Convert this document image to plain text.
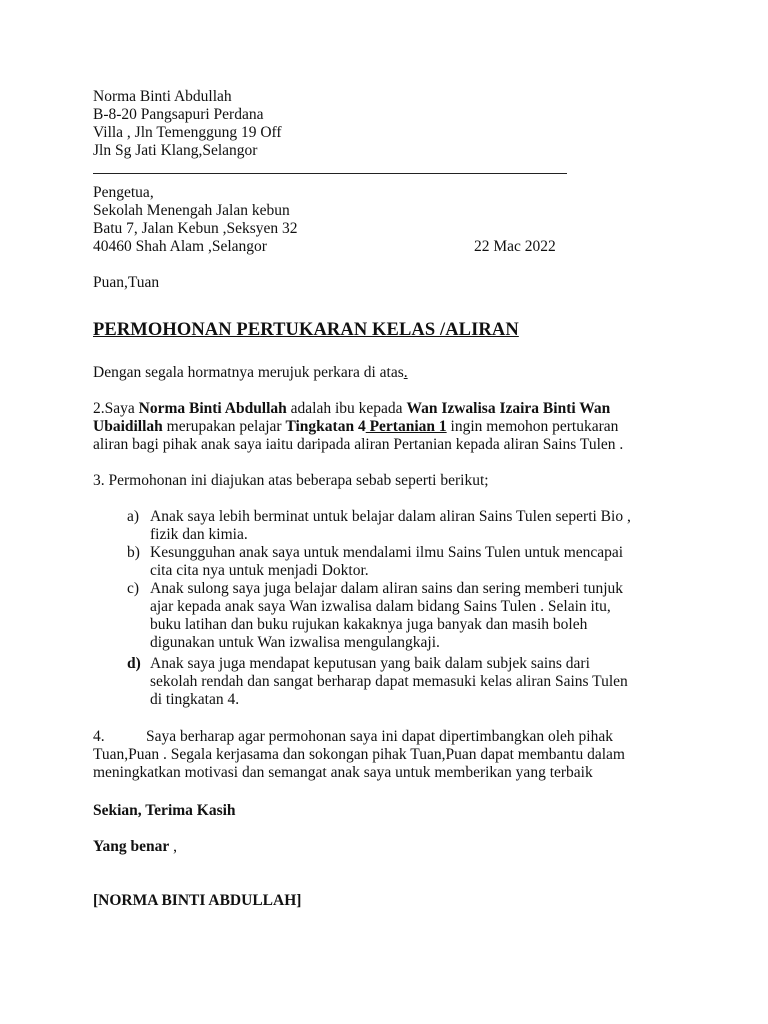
Norma Binti Abdullah
B-8-20 Pangsapuri Perdana
Villa , Jln Temenggung 19 Off
Jln Sg Jati Klang,Selangor
Pengetua,
Sekolah Menengah Jalan kebun
Batu 7, Jalan Kebun ,Seksyen 32
40460 Shah Alam ,Selangor	22 Mac 2022
Puan,Tuan
PERMOHONAN PERTUKARAN KELAS /ALIRAN
Dengan segala hormatnya merujuk perkara di atas.
2.Saya Norma Binti Abdullah adalah ibu kepada Wan Izwalisa Izaira Binti Wan
Ubaidillah merupakan pelajar Tingkatan 4 Pertanian 1 ingin memohon pertukaran
aliran bagi pihak anak saya iaitu daripada aliran Pertanian kepada aliran Sains Tulen .
3. Permohonan ini diajukan atas beberapa sebab seperti berikut;
a) Anak saya lebih berminat untuk belajar dalam aliran Sains Tulen seperti Bio ,
fizik dan kimia.
b) Kesungguhan anak saya untuk mendalami ilmu Sains Tulen untuk mencapai
cita cita nya untuk menjadi Doktor.
c) Anak sulong saya juga belajar dalam aliran sains dan sering memberi tunjuk
ajar kepada anak saya Wan izwalisa dalam bidang Sains Tulen . Selain itu,
buku latihan dan buku rujukan kakaknya juga banyak dan masih boleh
digunakan untuk Wan izwalisa mengulangkaji.
d) Anak saya juga mendapat keputusan yang baik dalam subjek sains dari
sekolah rendah dan sangat berharap dapat memasuki kelas aliran Sains Tulen
di tingkatan 4.
4.	Saya berharap agar permohonan saya ini dapat dipertimbangkan oleh pihak
Tuan,Puan . Segala kerjasama dan sokongan pihak Tuan,Puan dapat membantu dalam
meningkatkan motivasi dan semangat anak saya untuk memberikan yang terbaik
Sekian, Terima Kasih
Yang benar ,
[NORMA BINTI ABDULLAH]
